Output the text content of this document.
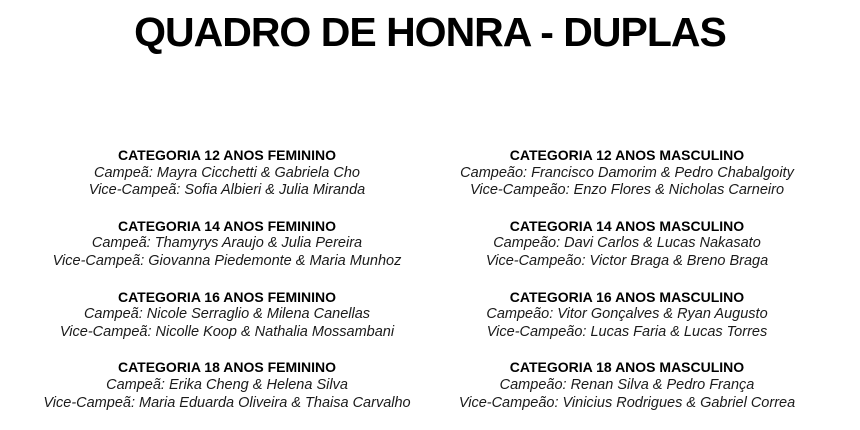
QUADRO DE HONRA - DUPLAS
CATEGORIA 12 ANOS FEMININO
Campeã: Mayra Cicchetti & Gabriela Cho
Vice-Campeã: Sofia Albieri & Julia Miranda
CATEGORIA 14 ANOS FEMININO
Campeã: Thamyrys Araujo & Julia Pereira
Vice-Campeã: Giovanna Piedemonte & Maria Munhoz
CATEGORIA 16 ANOS FEMININO
Campeã: Nicole Serraglio & Milena Canellas
Vice-Campeã: Nicolle Koop & Nathalia Mossambani
CATEGORIA 18 ANOS FEMININO
Campeã: Erika Cheng & Helena Silva
Vice-Campeã: Maria Eduarda Oliveira & Thaisa Carvalho
CATEGORIA 12 ANOS MASCULINO
Campeão: Francisco Damorim & Pedro Chabalgoity
Vice-Campeão: Enzo Flores & Nicholas Carneiro
CATEGORIA 14 ANOS MASCULINO
Campeão: Davi Carlos & Lucas Nakasato
Vice-Campeão: Victor Braga & Breno Braga
CATEGORIA 16 ANOS MASCULINO
Campeão: Vitor Gonçalves & Ryan Augusto
Vice-Campeão: Lucas Faria & Lucas Torres
CATEGORIA 18 ANOS MASCULINO
Campeão: Renan Silva & Pedro França
Vice-Campeão: Vinicius Rodrigues & Gabriel Correa
